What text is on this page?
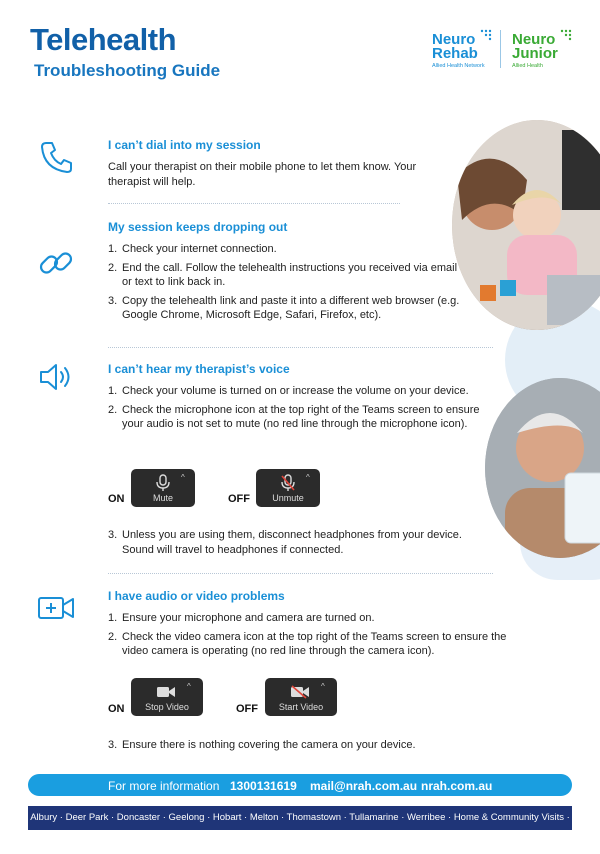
Telehealth
Troubleshooting Guide
Neuro
Rehab
Allied Health Network
Neuro
Junior
Allied Health
I can’t dial into my session
Call your therapist on their mobile phone to let them know. Your therapist will help.
My session keeps dropping out
1. Check your internet connection.
2. End the call. Follow the telehealth instructions you received via email or text to link back in.
3. Copy the telehealth link and paste it into a different web browser (e.g. Google Chrome, Microsoft Edge, Safari, Firefox, etc).
I can’t hear my therapist’s voice
1. Check your volume is turned on or increase the volume on your device.
2. Check the microphone icon at the top right of the Teams screen to ensure your audio is not set to mute (no red line through the microphone icon).
ON
^
Mute	OFF
^
Unmute
3. Unless you are using them, disconnect headphones from your device. Sound will travel to headphones if connected.
I have audio or video problems
1. Ensure your microphone and camera are turned on.
2. Check the video camera icon at the top right of the Teams screen to ensure the video camera is operating (no red line through the camera icon).
ON
^
Stop Video	OFF
^
Start Video
3. Ensure there is nothing covering the camera on your device.
For more information 1300131619 mail@nrah.com.au nrah.com.au
Albury · Deer Park · Doncaster · Geelong · Hobart · Melton · Thomastown · Tullamarine · Werribee · Home & Community Visits · Telehealth
